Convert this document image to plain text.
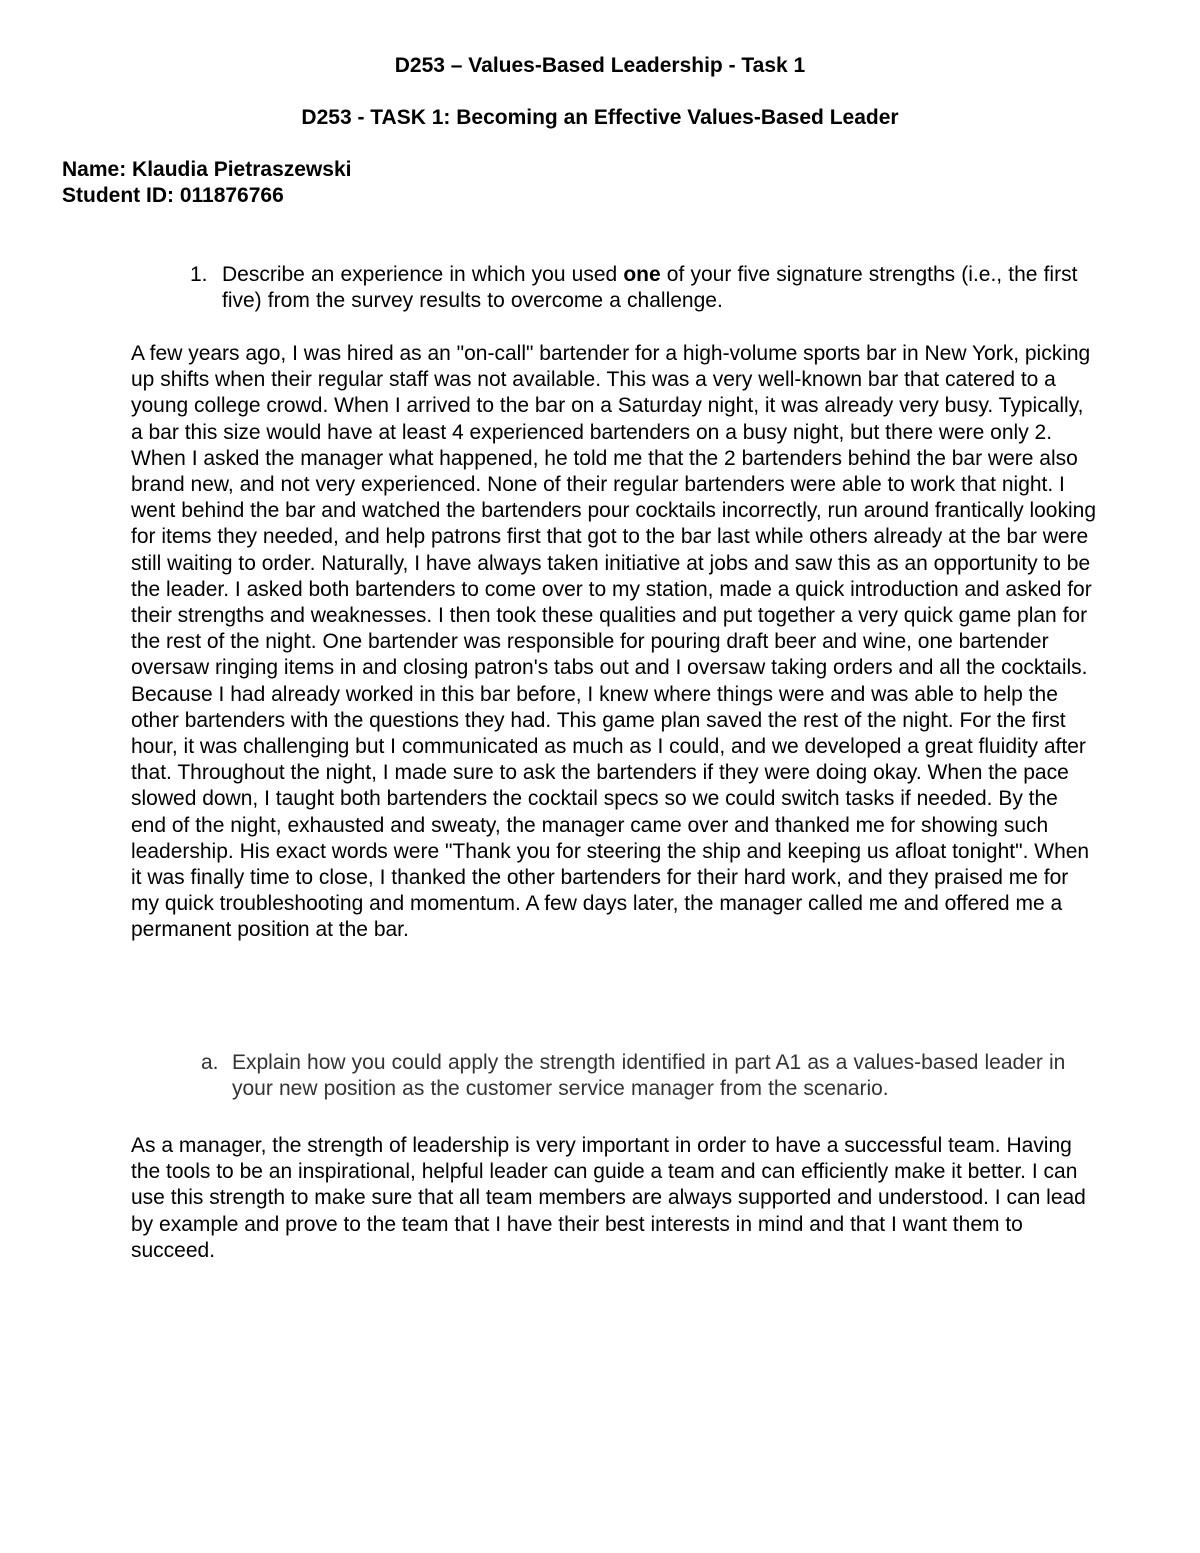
D253 – Values-Based Leadership - Task 1
D253 - TASK 1: Becoming an Effective Values-Based Leader
Name: Klaudia Pietraszewski
Student ID: 011876766
1. Describe an experience in which you used one of your five signature strengths (i.e., the first five) from the survey results to overcome a challenge.

A few years ago, I was hired as an "on-call" bartender for a high-volume sports bar in New York, picking up shifts when their regular staff was not available. This was a very well-known bar that catered to a young college crowd. When I arrived to the bar on a Saturday night, it was already very busy. Typically, a bar this size would have at least 4 experienced bartenders on a busy night, but there were only 2. When I asked the manager what happened, he told me that the 2 bartenders behind the bar were also brand new, and not very experienced. None of their regular bartenders were able to work that night. I went behind the bar and watched the bartenders pour cocktails incorrectly, run around frantically looking for items they needed, and help patrons first that got to the bar last while others already at the bar were still waiting to order. Naturally, I have always taken initiative at jobs and saw this as an opportunity to be the leader. I asked both bartenders to come over to my station, made a quick introduction and asked for their strengths and weaknesses. I then took these qualities and put together a very quick game plan for the rest of the night. One bartender was responsible for pouring draft beer and wine, one bartender oversaw ringing items in and closing patron's tabs out and I oversaw taking orders and all the cocktails. Because I had already worked in this bar before, I knew where things were and was able to help the other bartenders with the questions they had. This game plan saved the rest of the night. For the first hour, it was challenging but I communicated as much as I could, and we developed a great fluidity after that. Throughout the night, I made sure to ask the bartenders if they were doing okay. When the pace slowed down, I taught both bartenders the cocktail specs so we could switch tasks if needed. By the end of the night, exhausted and sweaty, the manager came over and thanked me for showing such leadership. His exact words were "Thank you for steering the ship and keeping us afloat tonight". When it was finally time to close, I thanked the other bartenders for their hard work, and they praised me for my quick troubleshooting and momentum. A few days later, the manager called me and offered me a permanent position at the bar.

a. Explain how you could apply the strength identified in part A1 as a values-based leader in your new position as the customer service manager from the scenario.

As a manager, the strength of leadership is very important in order to have a successful team. Having the tools to be an inspirational, helpful leader can guide a team and can efficiently make it better. I can use this strength to make sure that all team members are always supported and understood. I can lead by example and prove to the team that I have their best interests in mind and that I want them to succeed.
